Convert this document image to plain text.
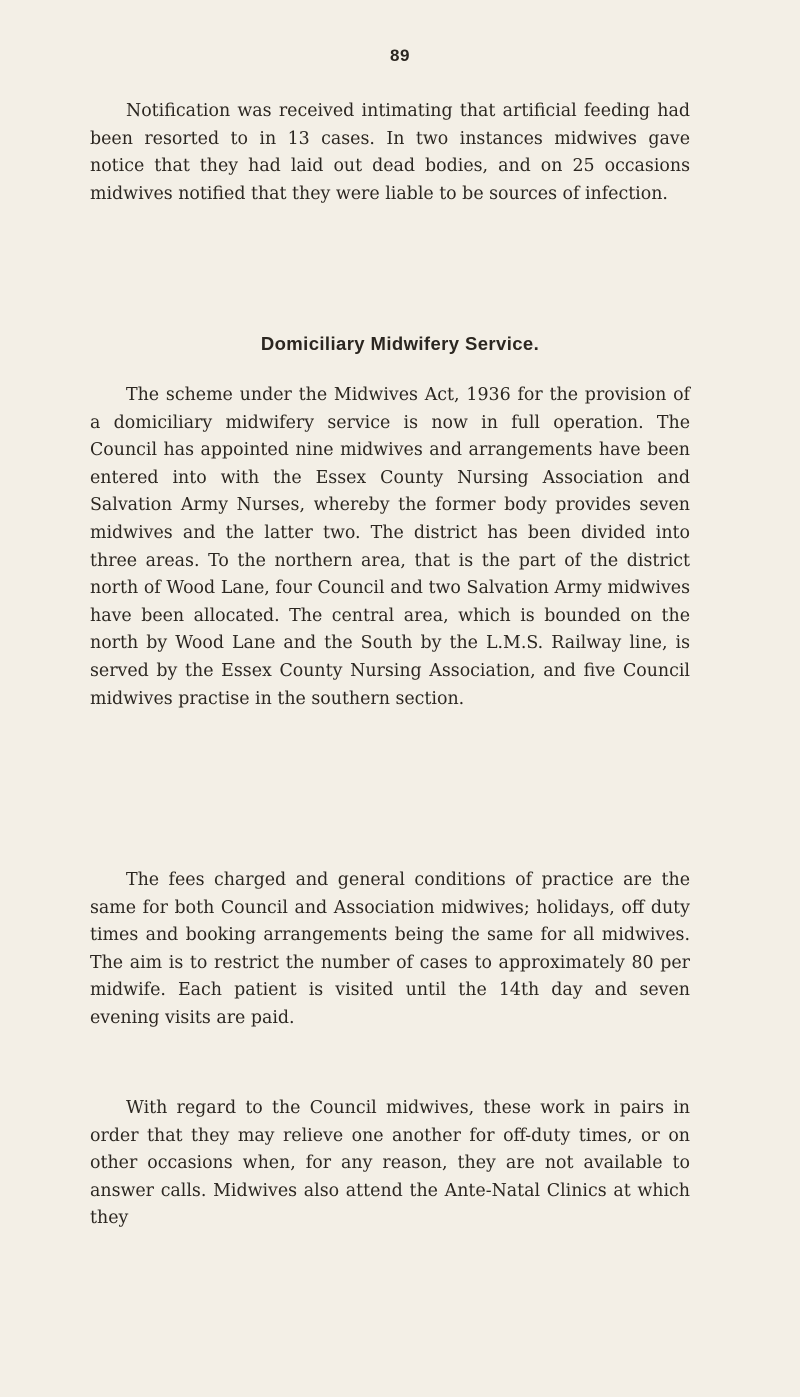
89

Notification was received intimating that artificial feeding had been resorted to in 13 cases. In two instances midwives gave notice that they had laid out dead bodies, and on 25 occasions midwives notified that they were liable to be sources of infection.

Domiciliary Midwifery Service.

The scheme under the Midwives Act, 1936 for the provision of a domiciliary midwifery service is now in full operation. The Council has appointed nine midwives and arrangements have been entered into with the Essex County Nursing Association and Salvation Army Nurses, whereby the former body provides seven midwives and the latter two. The district has been divided into three areas. To the northern area, that is the part of the district north of Wood Lane, four Council and two Salvation Army midwives have been allocated. The central area, which is bounded on the north by Wood Lane and the South by the L.M.S. Railway line, is served by the Essex County Nursing Association, and five Council midwives practise in the southern section.

The fees charged and general conditions of practice are the same for both Council and Association midwives; holidays, off duty times and booking arrangements being the same for all midwives. The aim is to restrict the number of cases to approximately 80 per midwife. Each patient is visited until the 14th day and seven evening visits are paid.

With regard to the Council midwives, these work in pairs in order that they may relieve one another for off-duty times, or on other occasions when, for any reason, they are not available to answer calls. Midwives also attend the Ante-Natal Clinics at which they
